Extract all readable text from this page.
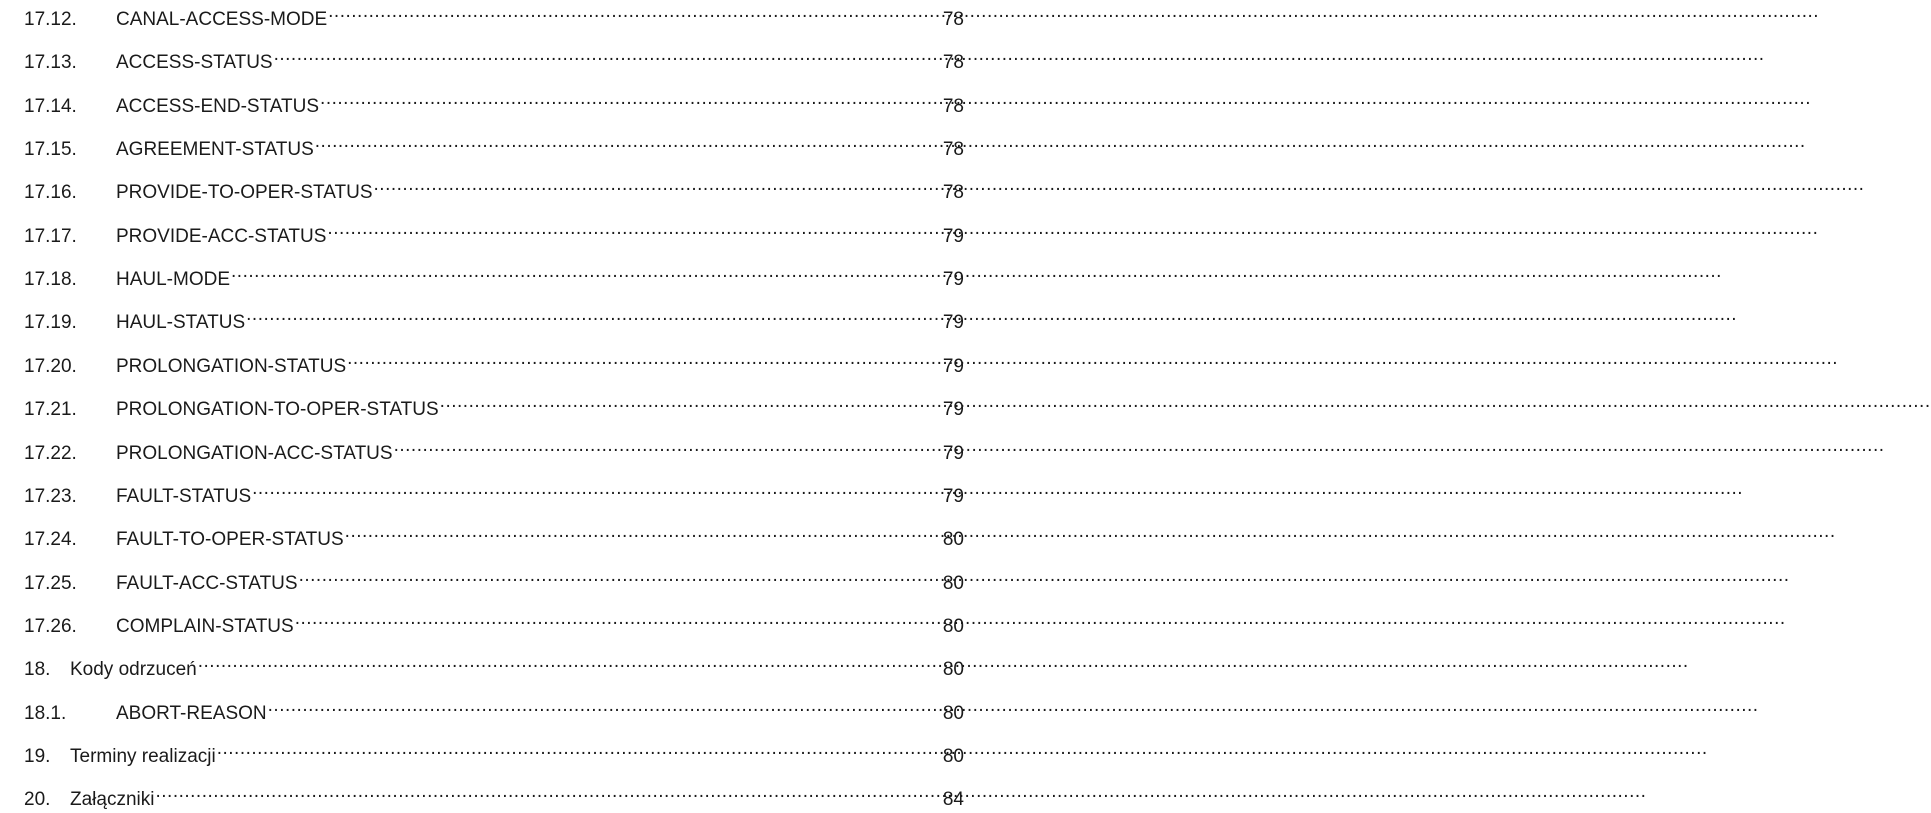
17.12.	CANAL-ACCESS-MODE .....	78
17.13.	ACCESS-STATUS .....	78
17.14.	ACCESS-END-STATUS .....	78
17.15.	AGREEMENT-STATUS .....	78
17.16.	PROVIDE-TO-OPER-STATUS .....	78
17.17.	PROVIDE-ACC-STATUS .....	79
17.18.	HAUL-MODE .....	79
17.19.	HAUL-STATUS .....	79
17.20.	PROLONGATION-STATUS .....	79
17.21.	PROLONGATION-TO-OPER-STATUS .....	79
17.22.	PROLONGATION-ACC-STATUS .....	79
17.23.	FAULT-STATUS .....	79
17.24.	FAULT-TO-OPER-STATUS .....	80
17.25.	FAULT-ACC-STATUS .....	80
17.26.	COMPLAIN-STATUS .....	80
18.	Kody odrzuceń .....	80
18.1.	ABORT-REASON .....	80
19.	Terminy realizacji .....	80
20.	Załączniki .....	84
